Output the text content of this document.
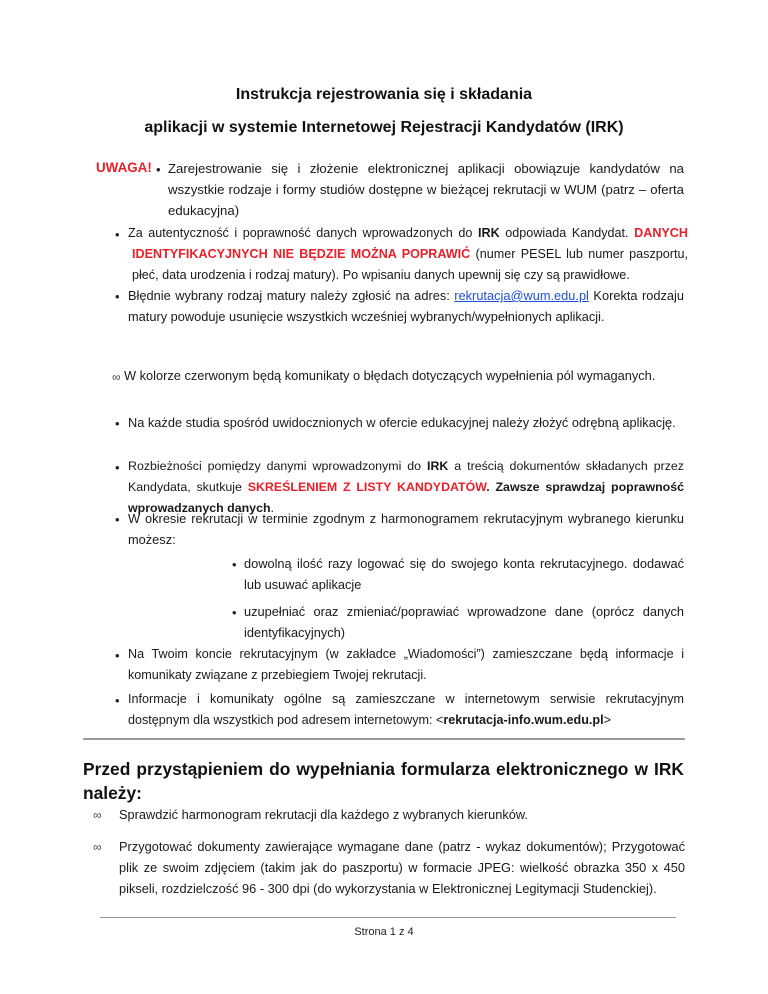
Instrukcja rejestrowania się i składania
aplikacji w systemie Internetowej Rejestracji Kandydatów (IRK)
UWAGA! • Zarejestrowanie się i złożenie elektronicznej aplikacji obowiązuje kandydatów na wszystkie rodzaje i formy studiów dostępne w bieżącej rekrutacji w WUM (patrz – oferta edukacyjna)
• Za autentyczność i poprawność danych wprowadzonych do IRK odpowiada Kandydat. DANYCH IDENTYFIKACYJNYCH NIE BĘDZIE MOŻNA POPRAWIĆ (numer PESEL lub numer paszportu, płeć, data urodzenia i rodzaj matury). Po wpisaniu danych upewnij się czy są prawidłowe.
• Błędnie wybrany rodzaj matury należy zgłosić na adres: rekrutacja@wum.edu.pl Korekta rodzaju matury powoduje usunięcie wszystkich wcześniej wybranych/wypełnionych aplikacji.
∞ W kolorze czerwonym będą komunikaty o błędach dotyczących wypełnienia pól wymaganych.
• Na każde studia spośród uwidocznionych w ofercie edukacyjnej należy złożyć odrębną aplikację.
• Rozbieżności pomiędzy danymi wprowadzonymi do IRK a treścią dokumentów składanych przez Kandydata, skutkuje SKREŚLENIEM Z LISTY KANDYDATÓW. Zawsze sprawdzaj poprawność wprowadzanych danych.
• W okresie rekrutacji w terminie zgodnym z harmonogramem rekrutacyjnym wybranego kierunku możesz:
• dowolną ilość razy logować się do swojego konta rekrutacyjnego. dodawać lub usuwać aplikacje
• uzupełniać oraz zmieniać/poprawiać wprowadzone dane (oprócz danych identyfikacyjnych)
• Na Twoim koncie rekrutacyjnym (w zakładce „Wiadomości”) zamieszczane będą informacje i komunikaty związane z przebiegiem Twojej rekrutacji.
• Informacje i komunikaty ogólne są zamieszczane w internetowym serwisie rekrutacyjnym dostępnym dla wszystkich pod adresem internetowym: <rekrutacja-info.wum.edu.pl>
Przed przystąpieniem do wypełniania formularza elektronicznego w IRK należy:
∞ Sprawdzić harmonogram rekrutacji dla każdego z wybranych kierunków.
∞ Przygotować dokumenty zawierające wymagane dane (patrz - wykaz dokumentów); Przygotować plik ze swoim zdjęciem (takim jak do paszportu) w formacie JPEG: wielkość obrazka 350 x 450 pikseli, rozdzielczość 96 - 300 dpi (do wykorzystania w Elektronicznej Legitymacji Studenckiej).
Strona 1 z 4
